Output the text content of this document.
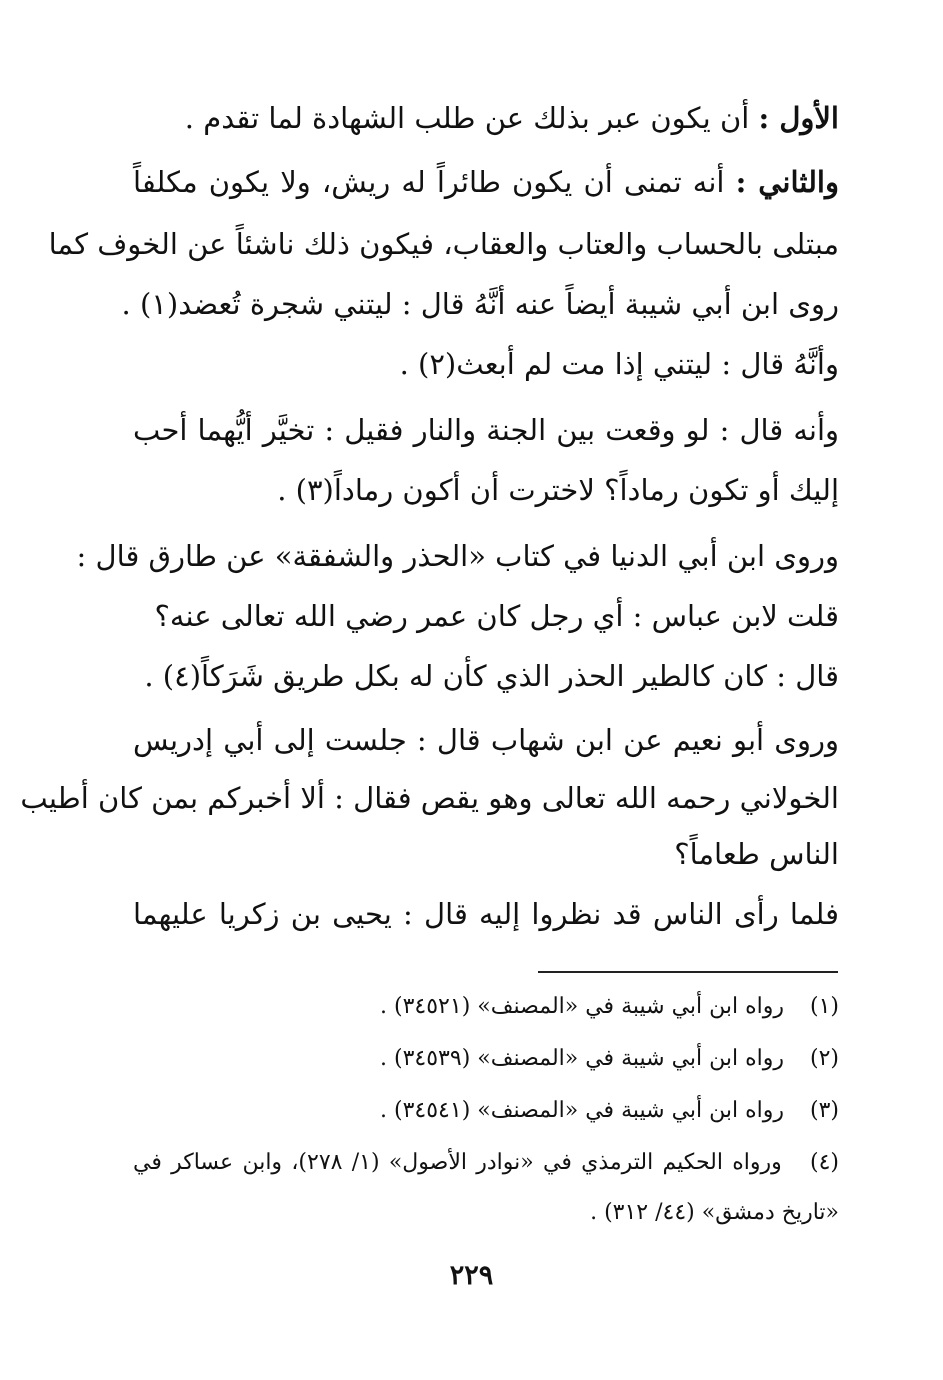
الأول : أن يكون عبر بذلك عن طلب الشهادة لما تقدم .
والثاني : أنه تمنى أن يكون طائراً له ريش، ولا يكون مكلفاً
مبتلى بالحساب والعتاب والعقاب، فيكون ذلك ناشئاً عن الخوف كما
روى ابن أبي شيبة أيضاً عنه أنَّهُ قال : ليتني شجرة تُعضد(١) .
وأنَّهُ قال : ليتني إذا مت لم أبعث(٢) .
وأنه قال : لو وقعت بين الجنة والنار فقيل : تخيَّر أيُّهما أحب
إليك أو تكون رماداً؟ لاخترت أن أكون رماداً(٣) .
وروى ابن أبي الدنيا في كتاب «الحذر والشفقة» عن طارق قال :
قلت لابن عباس : أي رجل كان عمر رضي الله تعالى عنه؟
قال : كان كالطير الحذر الذي كأن له بكل طريق شَرَكاً(٤) .
وروى أبو نعيم عن ابن شهاب قال : جلست إلى أبي إدريس
الخولاني رحمه الله تعالى وهو يقص فقال : ألا أخبركم بمن كان أطيب
الناس طعاماً؟
فلما رأى الناس قد نظروا إليه قال : يحيى بن زكريا عليهما
(١) رواه ابن أبي شيبة في «المصنف» (٣٤٥٢١) .
(٢) رواه ابن أبي شيبة في «المصنف» (٣٤٥٣٩) .
(٣) رواه ابن أبي شيبة في «المصنف» (٣٤٥٤١) .
(٤) ورواه الحكيم الترمذي في «نوادر الأصول» (١/ ٢٧٨)، وابن عساكر في
«تاريخ دمشق» (٤٤/ ٣١٢) .
٢٢٩
